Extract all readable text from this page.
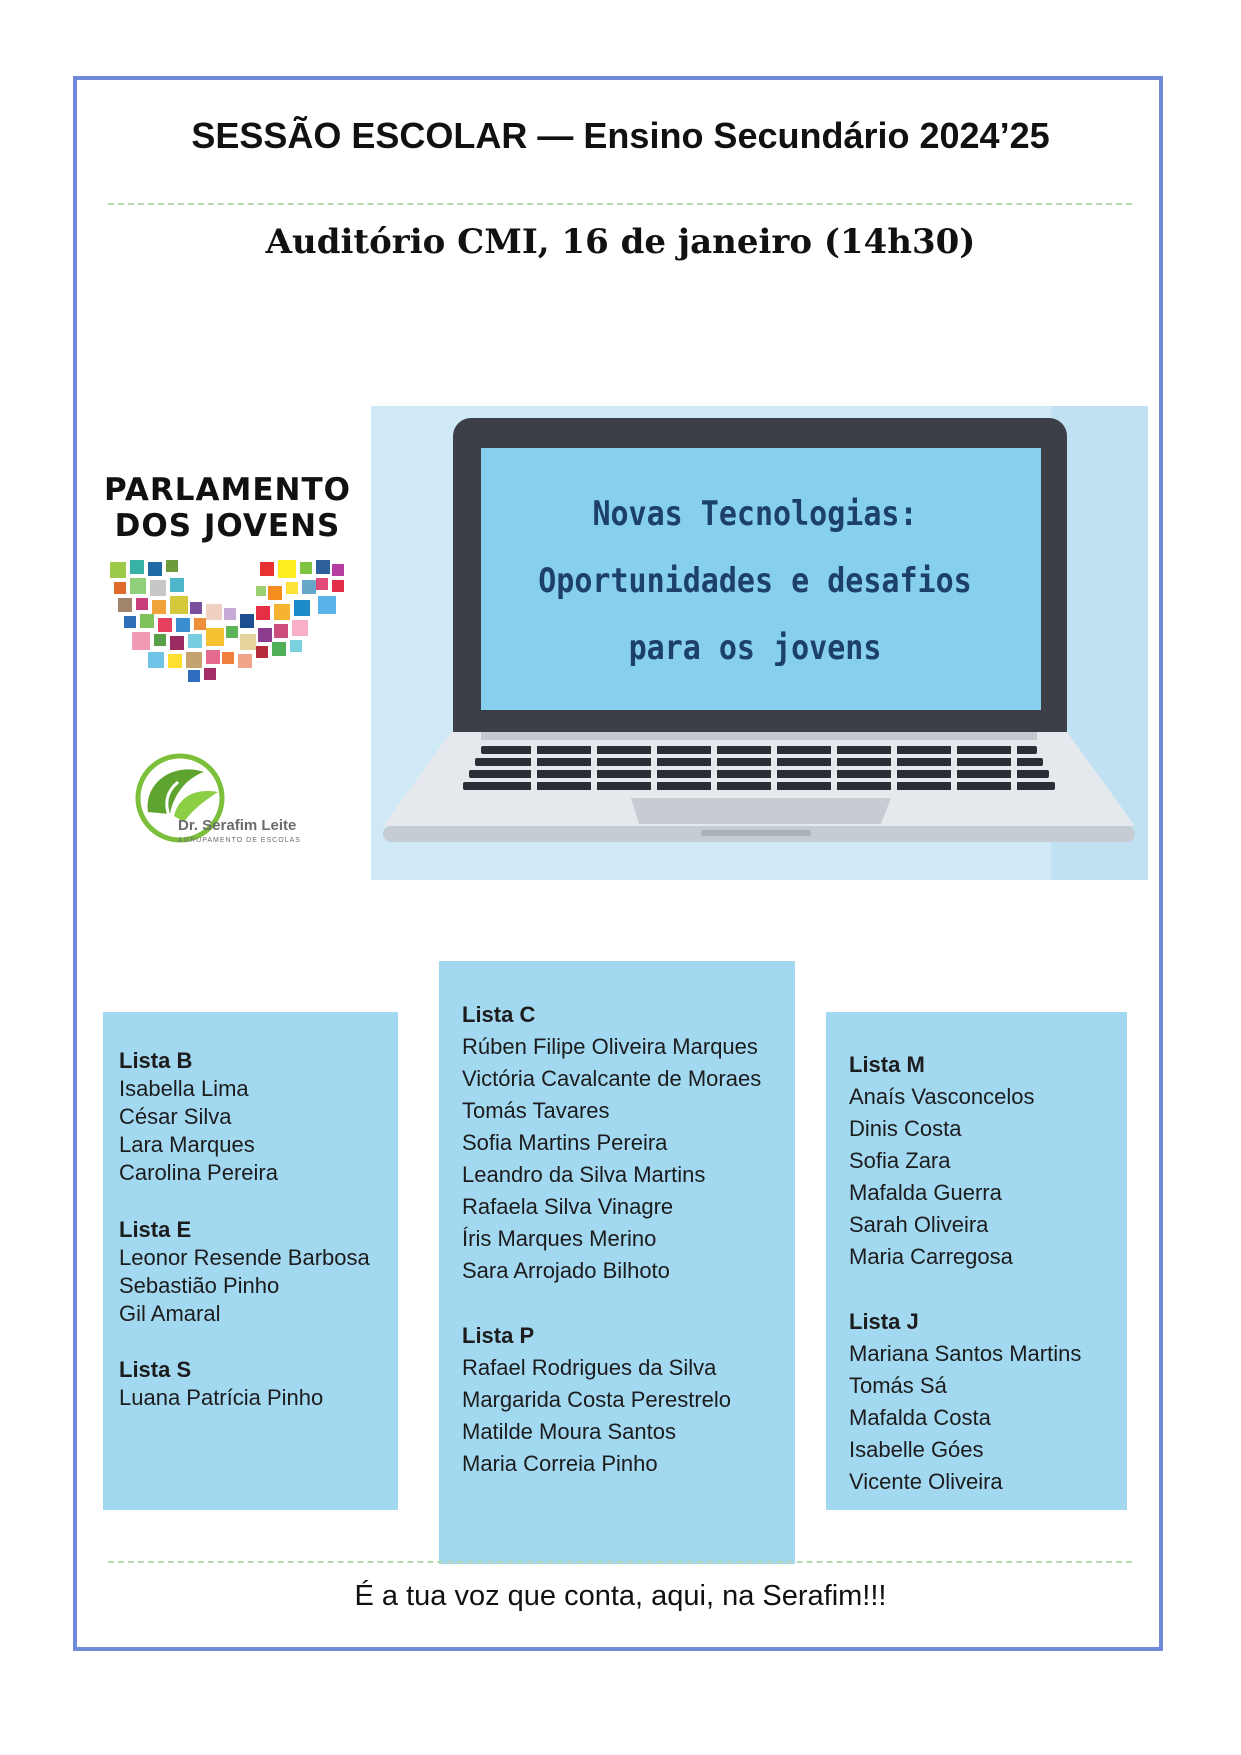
SESSÃO ESCOLAR — Ensino Secundário 2024’25
Auditório CMI, 16 de janeiro (14h30)
PARLAMENTO
DOS JOVENS
Dr. Serafim Leite
AGRUPAMENTO DE ESCOLAS
Novas Tecnologias:
Oportunidades e desafios
para os jovens
Lista B
Isabella Lima
César Silva
Lara Marques
Carolina Pereira
Lista E
Leonor Resende Barbosa
Sebastião Pinho
Gil Amaral
Lista S
Luana Patrícia Pinho
Lista C
Rúben Filipe Oliveira Marques
Victória Cavalcante de Moraes
Tomás Tavares
Sofia Martins Pereira
Leandro da Silva Martins
Rafaela Silva Vinagre
Íris Marques Merino
Sara Arrojado Bilhoto
Lista P
Rafael Rodrigues da Silva
Margarida Costa Perestrelo
Matilde Moura Santos
Maria Correia Pinho
Lista M
Anaís Vasconcelos
Dinis Costa
Sofia Zara
Mafalda Guerra
Sarah Oliveira
Maria Carregosa
Lista J
Mariana Santos Martins
Tomás Sá
Mafalda Costa
Isabelle Góes
Vicente Oliveira
É a tua voz que conta, aqui, na Serafim!!!
